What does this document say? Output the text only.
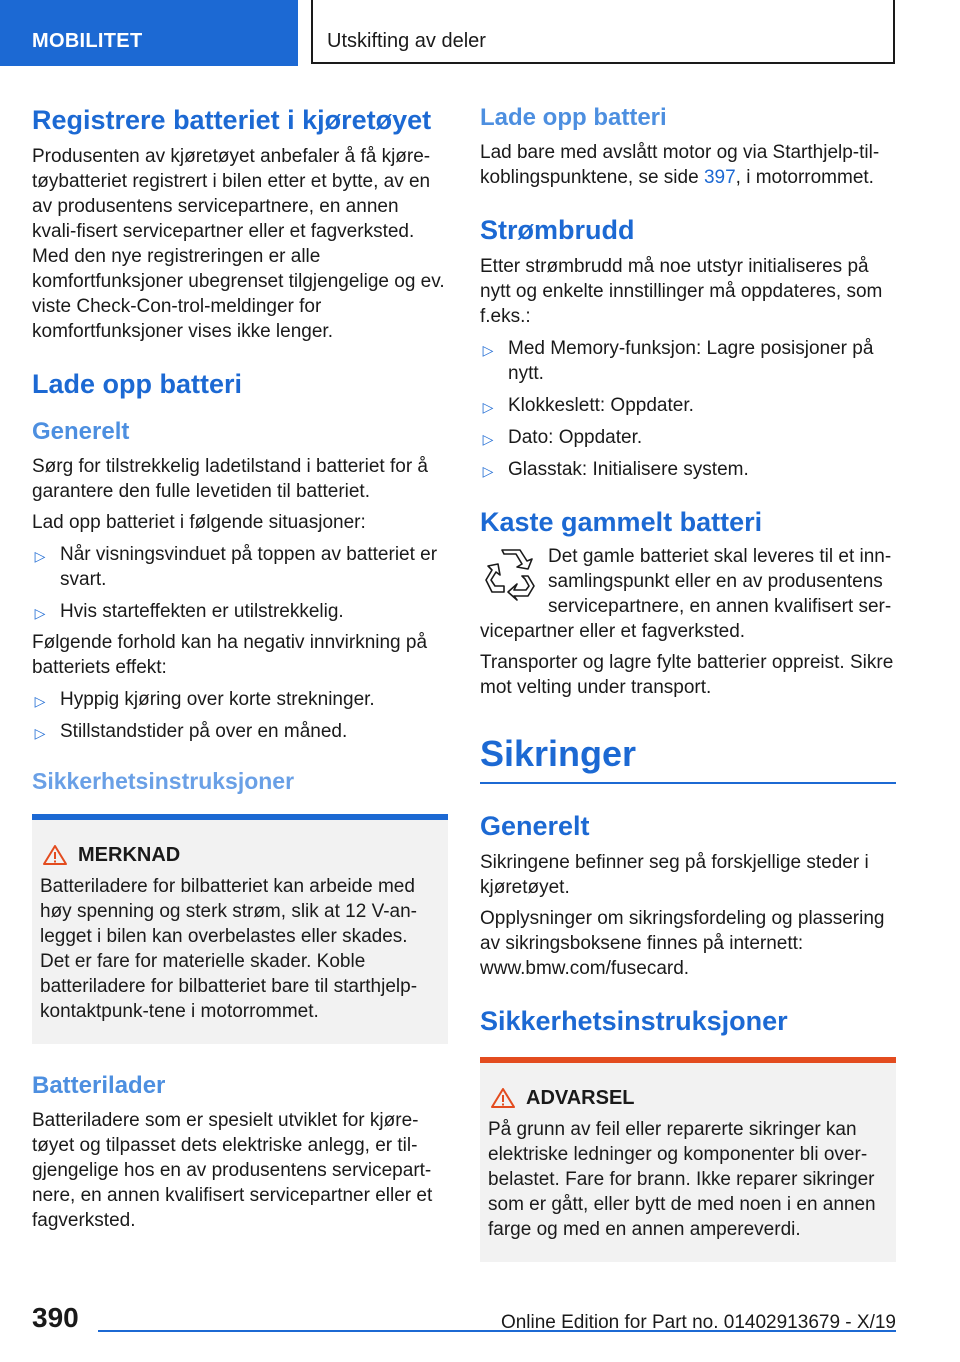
MOBILITET	Utskifting av deler
Registrere batteriet i kjøretøyet

Produsenten av kjøretøyet anbefaler å få kjøre-tøybatteriet registrert i bilen etter et bytte, av en av produsentens servicepartnere, en annen kvali-fisert servicepartner eller et fagverksted. Med den nye registreringen er alle komfortfunksjoner ubegrenset tilgjengelige og ev. viste Check-Con-trol-meldinger for komfortfunksjoner vises ikke lenger.

Lade opp batteri
Generelt

Sørg for tilstrekkelig ladetilstand i batteriet for å garantere den fulle levetiden til batteriet.

Lad opp batteriet i følgende situasjoner:

▷ Når visningsvinduet på toppen av batteriet er svart.
▷ Hvis starteffekten er utilstrekkelig.

Følgende forhold kan ha negativ innvirkning på batteriets effekt:

▷ Hyppig kjøring over korte strekninger.
▷ Stillstandstider på over en måned.
Sikkerhetsinstruksjoner
MERKNAD

Batteriladere for bilbatteriet kan arbeide med høy spenning og sterk strøm, slik at 12 V-an-legget i bilen kan overbelastes eller skades. Det er fare for materielle skader. Koble batteriladere for bilbatteriet bare til starthjelp-kontaktpunk-tene i motorrommet.

Batterilader

Batteriladere som er spesielt utviklet for kjøre-tøyet og tilpasset dets elektriske anlegg, er til-gjengelige hos en av produsentens servicepart-nere, en annen kvalifisert servicepartner eller et fagverksted.

Lade opp batteri

Lad bare med avslått motor og via Starthjelp-til-koblingspunktene, se side 397, i motorrommet.

Strømbrudd

Etter strømbrudd må noe utstyr initialiseres på nytt og enkelte innstillinger må oppdateres, som f.eks.:

▷ Med Memory-funksjon: Lagre posisjoner på nytt.
▷ Klokkeslett: Oppdater.
▷ Dato: Oppdater.
▷ Glasstak: Initialisere system.
Kaste gammelt batteri

Det gamle batteriet skal leveres til et inn-samlingspunkt eller en av produsentens servicepartnere, en annen kvalifisert ser-vicepartner eller et fagverksted.

Transporter og lagre fylte batterier oppreist. Sikre mot velting under transport.

Sikringer
Generelt

Sikringene befinner seg på forskjellige steder i kjøretøyet.

Opplysninger om sikringsfordeling og plassering av sikringsboksene finnes på internett: www.bmw.com/fusecard.

Sikkerhetsinstruksjoner
ADVARSEL

På grunn av feil eller reparerte sikringer kan elektriske ledninger og komponenter bli over-belastet. Fare for brann. Ikke reparer sikringer som er gått, eller bytt de med noen i en annen farge og med en annen ampereverdi.

390	Online Edition for Part no. 01402913679 - X/19
